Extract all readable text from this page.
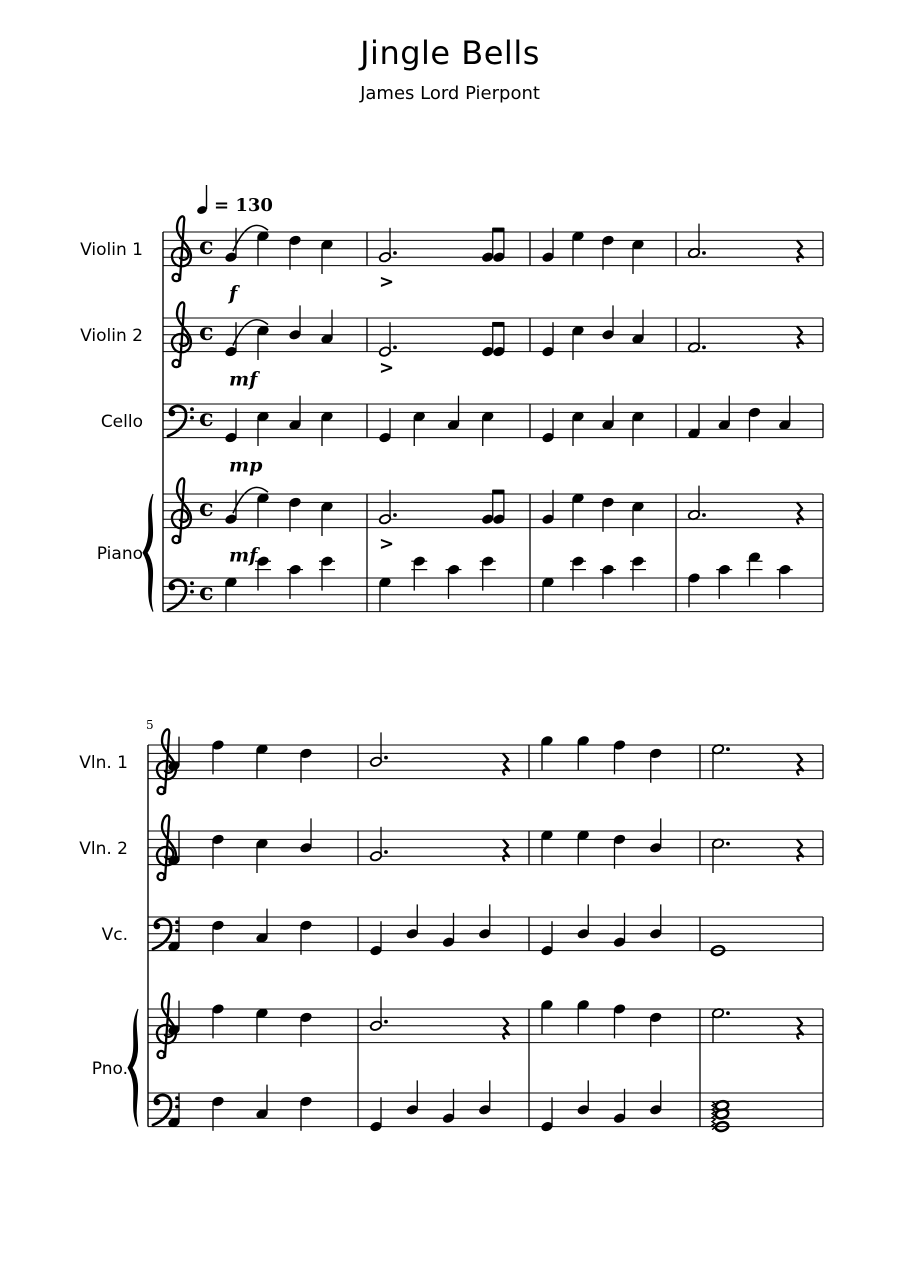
Jingle Bells
James Lord Pierpont
= 130
c
>
Violin 1
f
c
>
Violin 2
mf
c
Cello
mp
c
>
Piano	mf
c
5
Vln. 1
Vln. 2
Vc.
Pno.
